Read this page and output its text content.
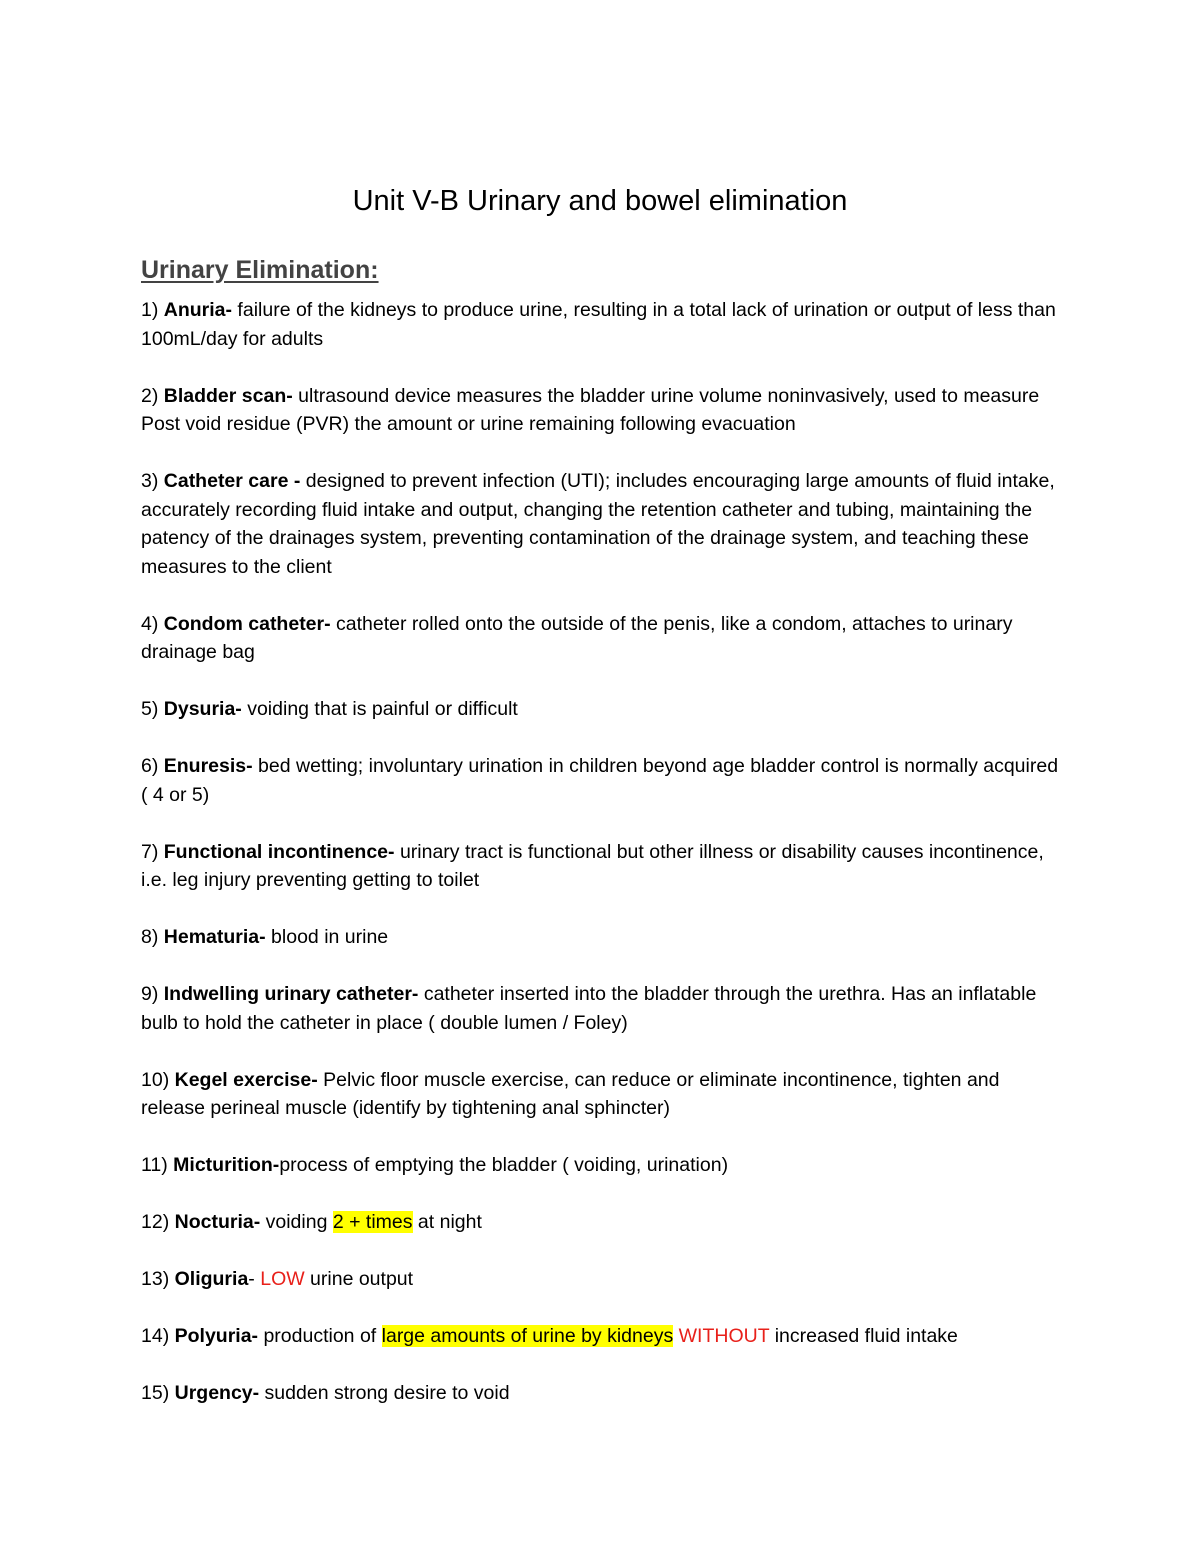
Unit V-B Urinary and bowel elimination
Urinary Elimination:

1) Anuria- failure of the kidneys to produce urine, resulting in a total lack of urination or output of less than 100mL/day for adults

2) Bladder scan- ultrasound device measures the bladder urine volume noninvasively, used to measure Post void residue (PVR) the amount or urine remaining following evacuation

3) Catheter care - designed to prevent infection (UTI); includes encouraging large amounts of fluid intake, accurately recording fluid intake and output, changing the retention catheter and tubing, maintaining the patency of the drainages system, preventing contamination of the drainage system, and teaching these measures to the client

4) Condom catheter- catheter rolled onto the outside of the penis, like a condom, attaches to urinary drainage bag

5) Dysuria- voiding that is painful or difficult

6) Enuresis- bed wetting; involuntary urination in children beyond age bladder control is normally acquired ( 4 or 5)

7) Functional incontinence- urinary tract is functional but other illness or disability causes incontinence, i.e. leg injury preventing getting to toilet

8) Hematuria- blood in urine

9) Indwelling urinary catheter- catheter inserted into the bladder through the urethra. Has an inflatable bulb to hold the catheter in place ( double lumen / Foley)

10) Kegel exercise- Pelvic floor muscle exercise, can reduce or eliminate incontinence, tighten and release perineal muscle (identify by tightening anal sphincter)

11) Micturition-process of emptying the bladder ( voiding, urination)

12) Nocturia- voiding 2 + times at night

13) Oliguria- LOW urine output

14) Polyuria- production of large amounts of urine by kidneys WITHOUT increased fluid intake

15) Urgency- sudden strong desire to void
